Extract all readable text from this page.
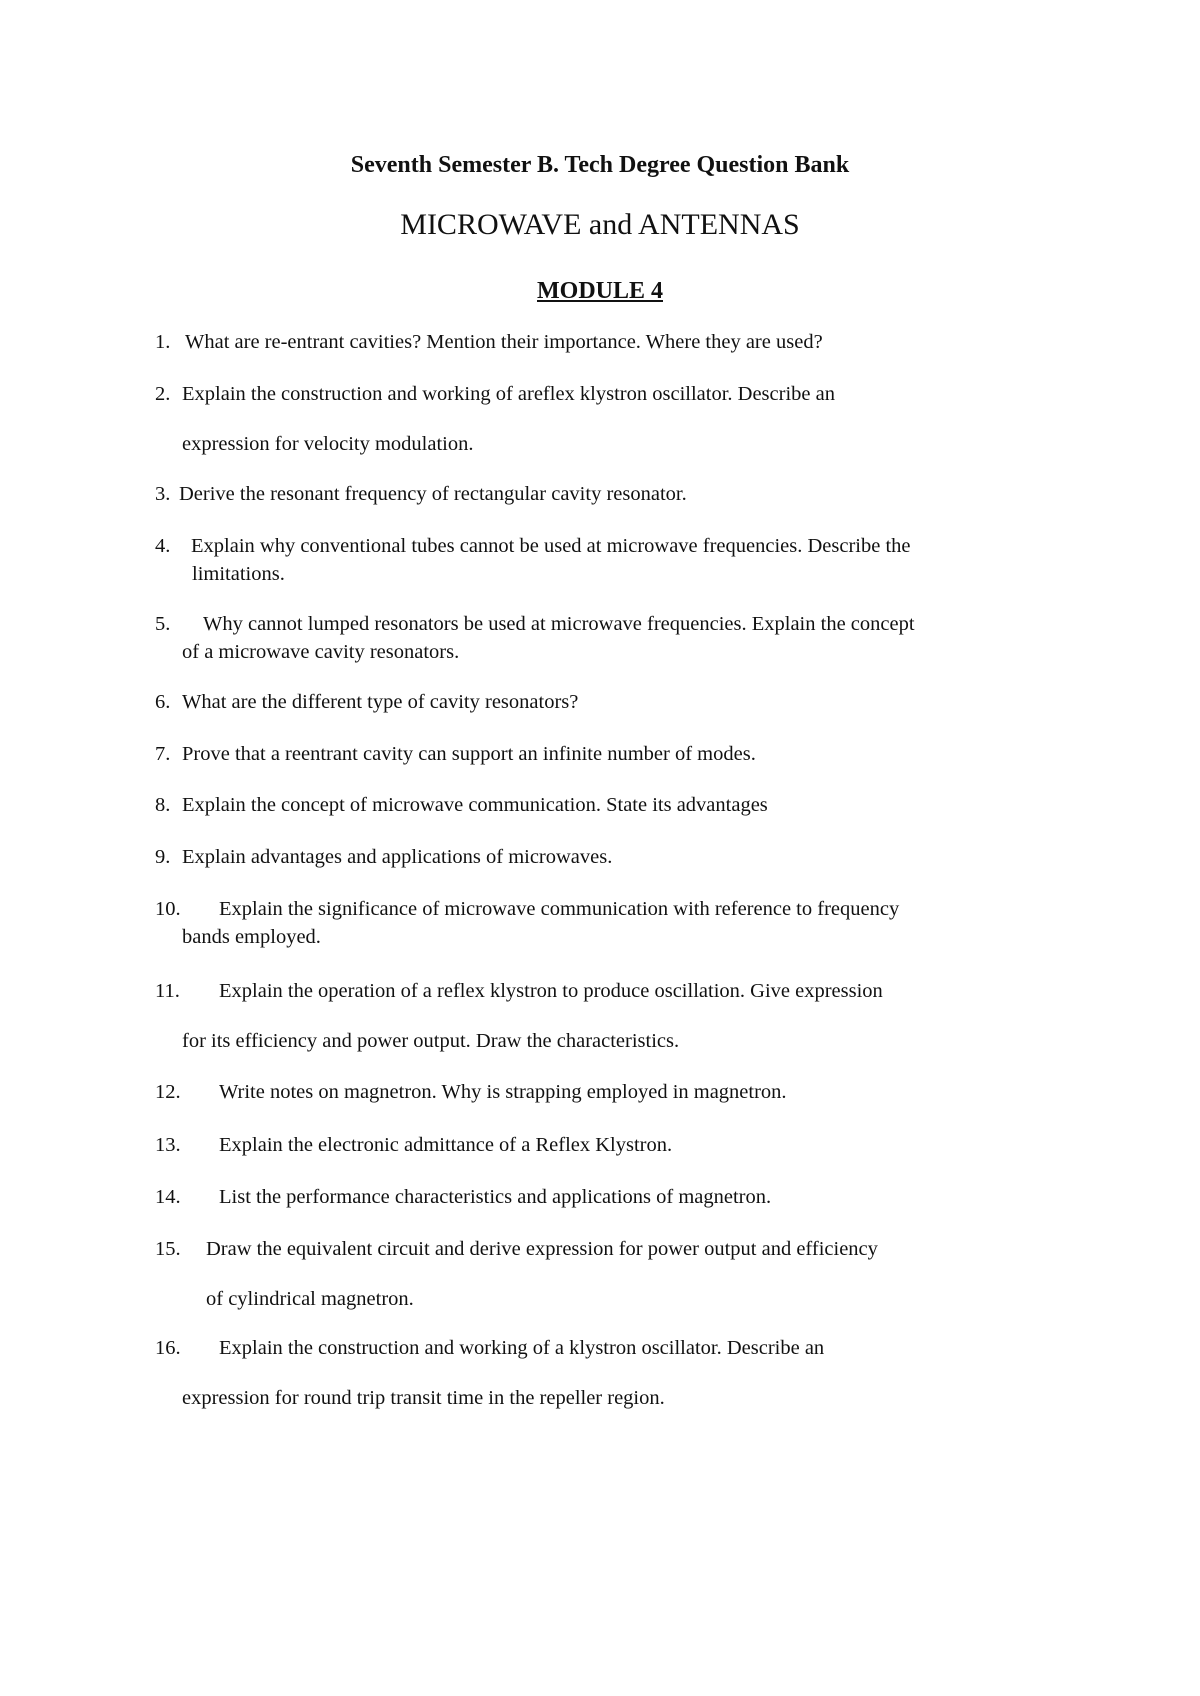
Seventh Semester B. Tech Degree Question Bank
MICROWAVE and ANTENNAS
MODULE 4
1. What are re-entrant cavities? Mention their importance. Where they are used?
2. Explain the construction and working of areflex klystron oscillator. Describe an
expression for velocity modulation.
3. Derive the resonant frequency of rectangular cavity resonator.
4. Explain why conventional tubes cannot be used at microwave frequencies. Describe the
limitations.
5. Why cannot lumped resonators be used at microwave frequencies. Explain the concept
of a microwave cavity resonators.
6. What are the different type of cavity resonators?
7. Prove that a reentrant cavity can support an infinite number of modes.
8. Explain the concept of microwave communication. State its advantages
9. Explain advantages and applications of microwaves.
10. Explain the significance of microwave communication with reference to frequency
bands employed.
11. Explain the operation of a reflex klystron to produce oscillation. Give expression
for its efficiency and power output. Draw the characteristics.
12. Write notes on magnetron. Why is strapping employed in magnetron.
13. Explain the electronic admittance of a Reflex Klystron.
14. List the performance characteristics and applications of magnetron.
15. Draw the equivalent circuit and derive expression for power output and efficiency
of cylindrical magnetron.
16. Explain the construction and working of a klystron oscillator. Describe an
expression for round trip transit time in the repeller region.
